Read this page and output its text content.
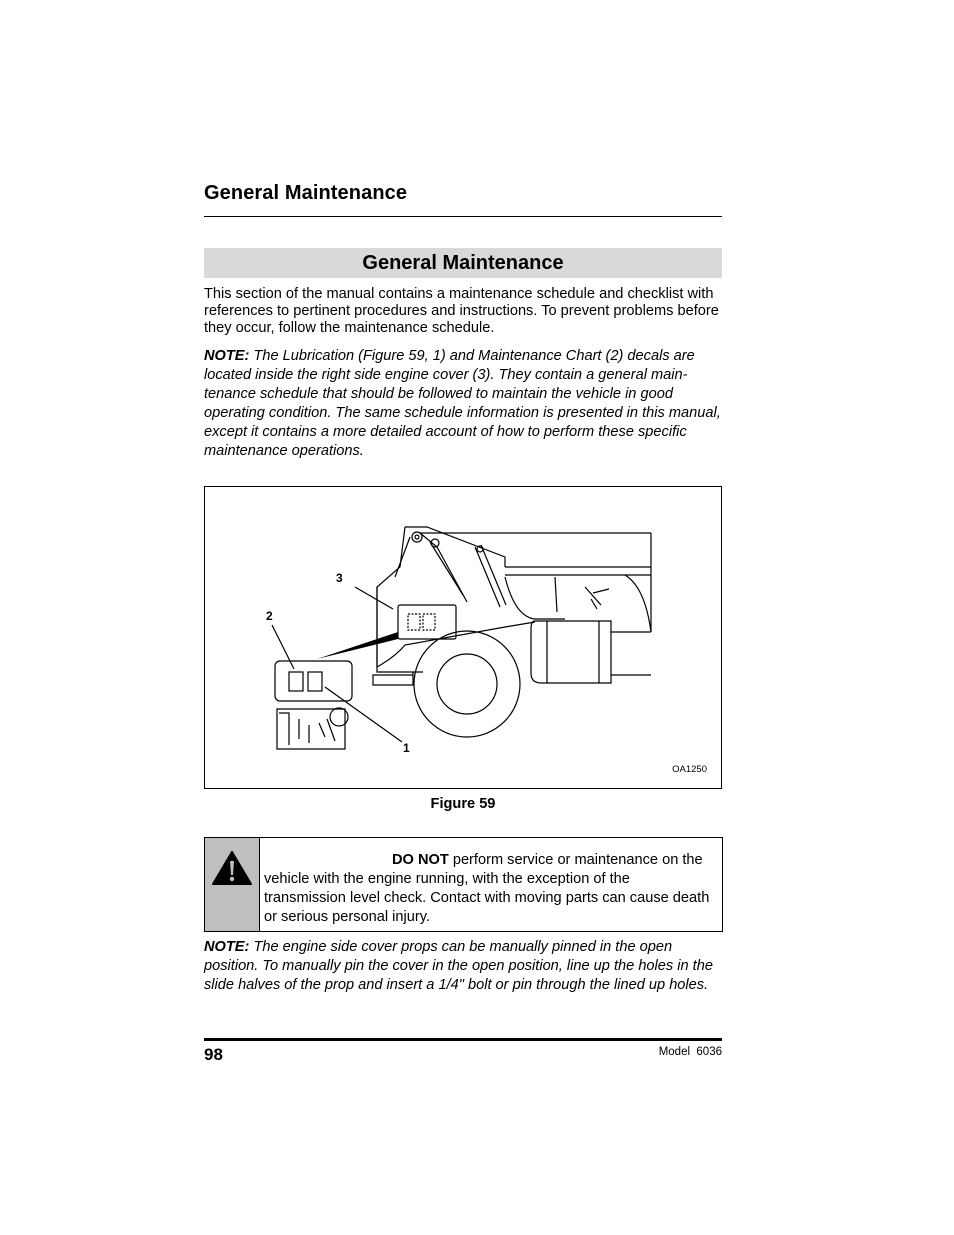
General Maintenance
General Maintenance
This section of the manual contains a maintenance schedule and checklist with references to pertinent procedures and instructions. To prevent problems before they occur, follow the maintenance schedule.
NOTE: The Lubrication (Figure 59, 1) and Maintenance Chart (2) decals are located inside the right side engine cover (3). They contain a general main-tenance schedule that should be followed to maintain the vehicle in good operating condition. The same schedule information is presented in this manual, except it contains a more detailed account of how to perform these specific maintenance operations.
3
2
1
OA1250
Figure 59
DO NOT perform service or maintenance on the vehicle with the engine running, with the exception of the transmission level check. Contact with moving parts can cause death or serious personal injury.
NOTE: The engine side cover props can be manually pinned in the open position. To manually pin the cover in the open position, line up the holes in the slide halves of the prop and insert a 1/4" bolt or pin through the lined up holes.
98	Model  6036
